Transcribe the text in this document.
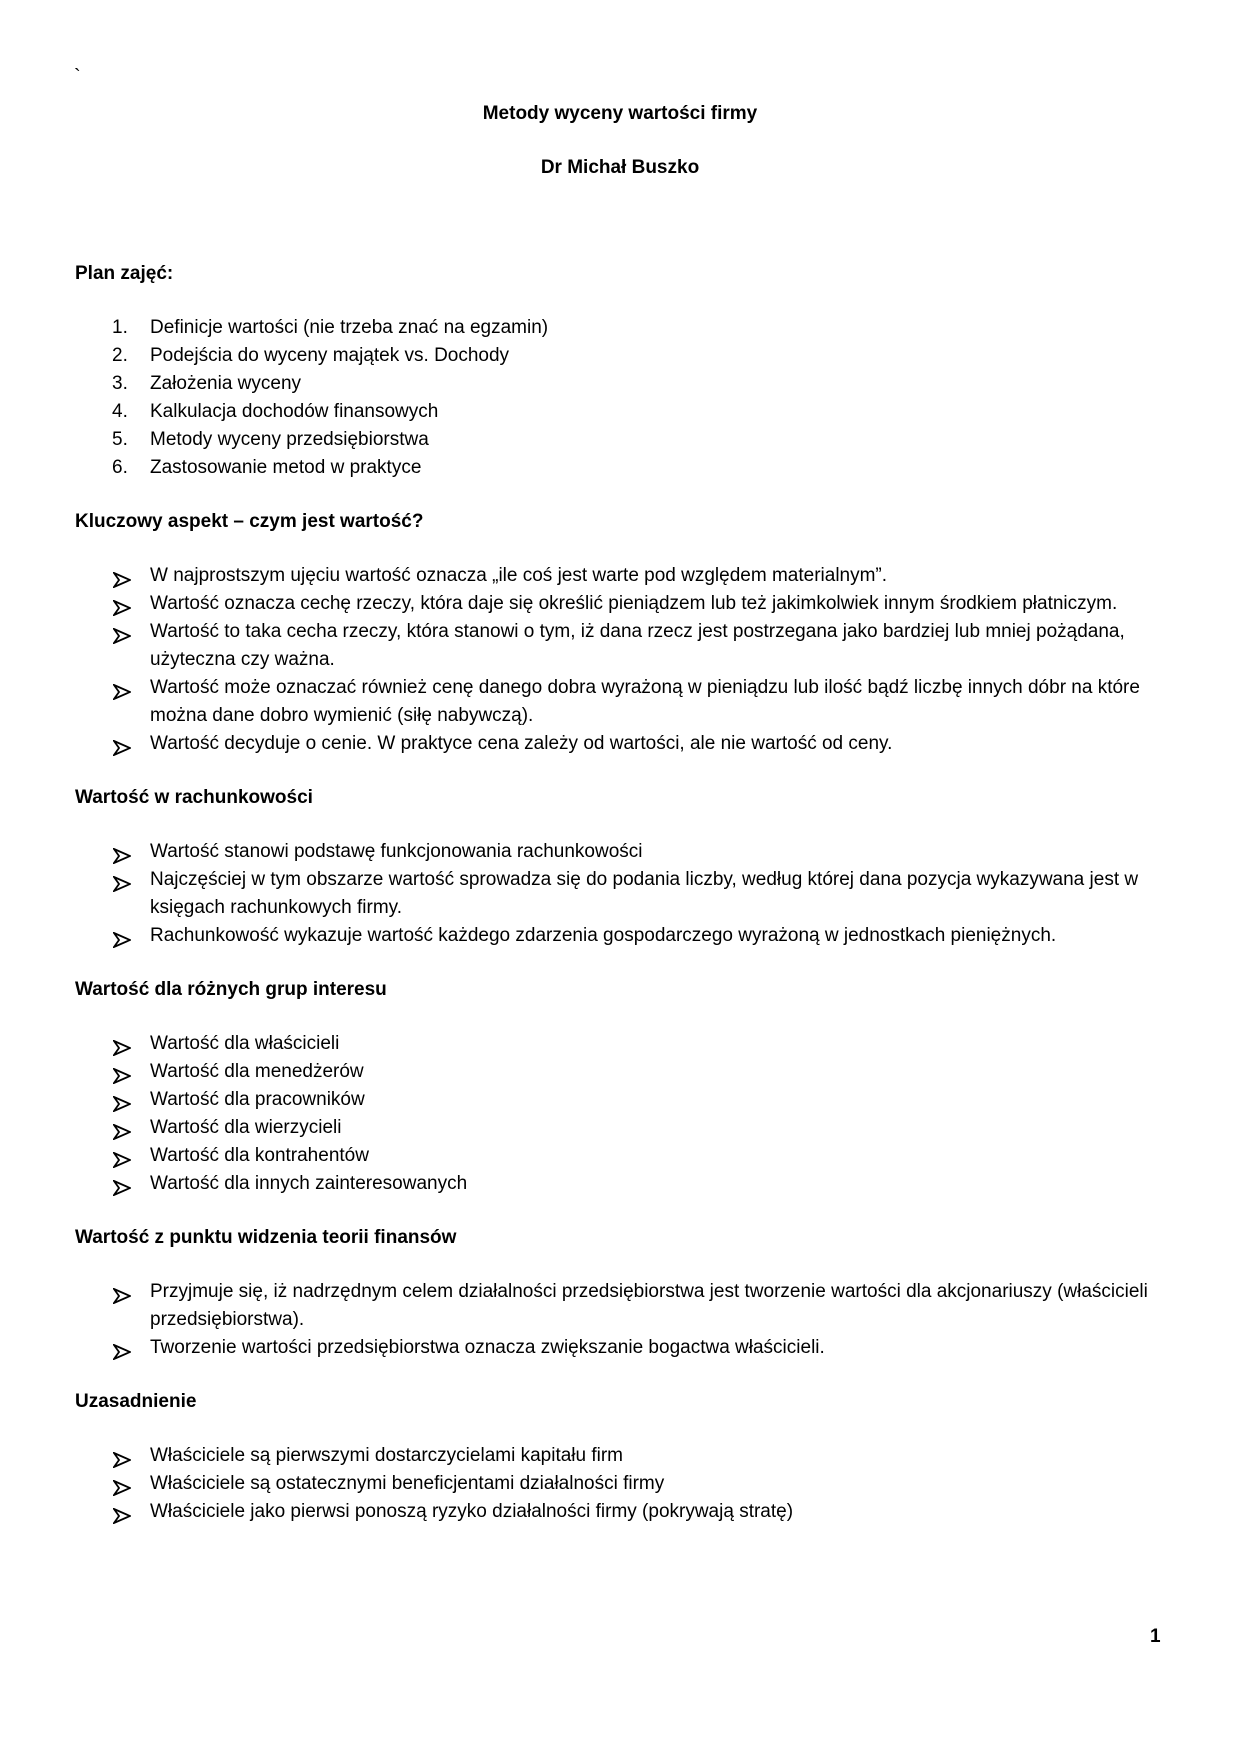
`
Metody wyceny wartości firmy
Dr Michał Buszko
Plan zajęć:
1.	Definicje wartości (nie trzeba znać na egzamin)
2.	Podejścia do wyceny majątek vs. Dochody
3.	Założenia wyceny
4.	Kalkulacja dochodów finansowych
5.	Metody wyceny przedsiębiorstwa
6.	Zastosowanie metod w praktyce
Kluczowy aspekt – czym jest wartość?
W najprostszym ujęciu wartość oznacza „ile coś jest warte pod względem materialnym”.
Wartość oznacza cechę rzeczy, która daje się określić pieniądzem lub też jakimkolwiek innym środkiem płatniczym.
Wartość to taka cecha rzeczy, która stanowi o tym, iż dana rzecz jest postrzegana jako bardziej lub mniej pożądana, użyteczna czy ważna.
Wartość może oznaczać również cenę danego dobra wyrażoną w pieniądzu lub ilość bądź liczbę innych dóbr na które można dane dobro wymienić (siłę nabywczą).
Wartość decyduje o cenie. W praktyce cena zależy od wartości, ale nie wartość od ceny.
Wartość w rachunkowości
Wartość stanowi podstawę funkcjonowania rachunkowości
Najczęściej w tym obszarze wartość sprowadza się do podania liczby, według której dana pozycja wykazywana jest w księgach rachunkowych firmy.
Rachunkowość wykazuje wartość każdego zdarzenia gospodarczego wyrażoną w jednostkach pieniężnych.
Wartość dla różnych grup interesu
Wartość dla właścicieli
Wartość dla menedżerów
Wartość dla pracowników
Wartość dla wierzycieli
Wartość dla kontrahentów
Wartość dla innych zainteresowanych
Wartość z punktu widzenia teorii finansów
Przyjmuje się, iż nadrzędnym celem działalności przedsiębiorstwa jest tworzenie wartości dla akcjonariuszy (właścicieli przedsiębiorstwa).
Tworzenie wartości przedsiębiorstwa oznacza zwiększanie bogactwa właścicieli.
Uzasadnienie
Właściciele są pierwszymi dostarczycielami kapitału firm
Właściciele są ostatecznymi beneficjentami działalności firmy
Właściciele jako pierwsi ponoszą ryzyko działalności firmy (pokrywają stratę)
1
